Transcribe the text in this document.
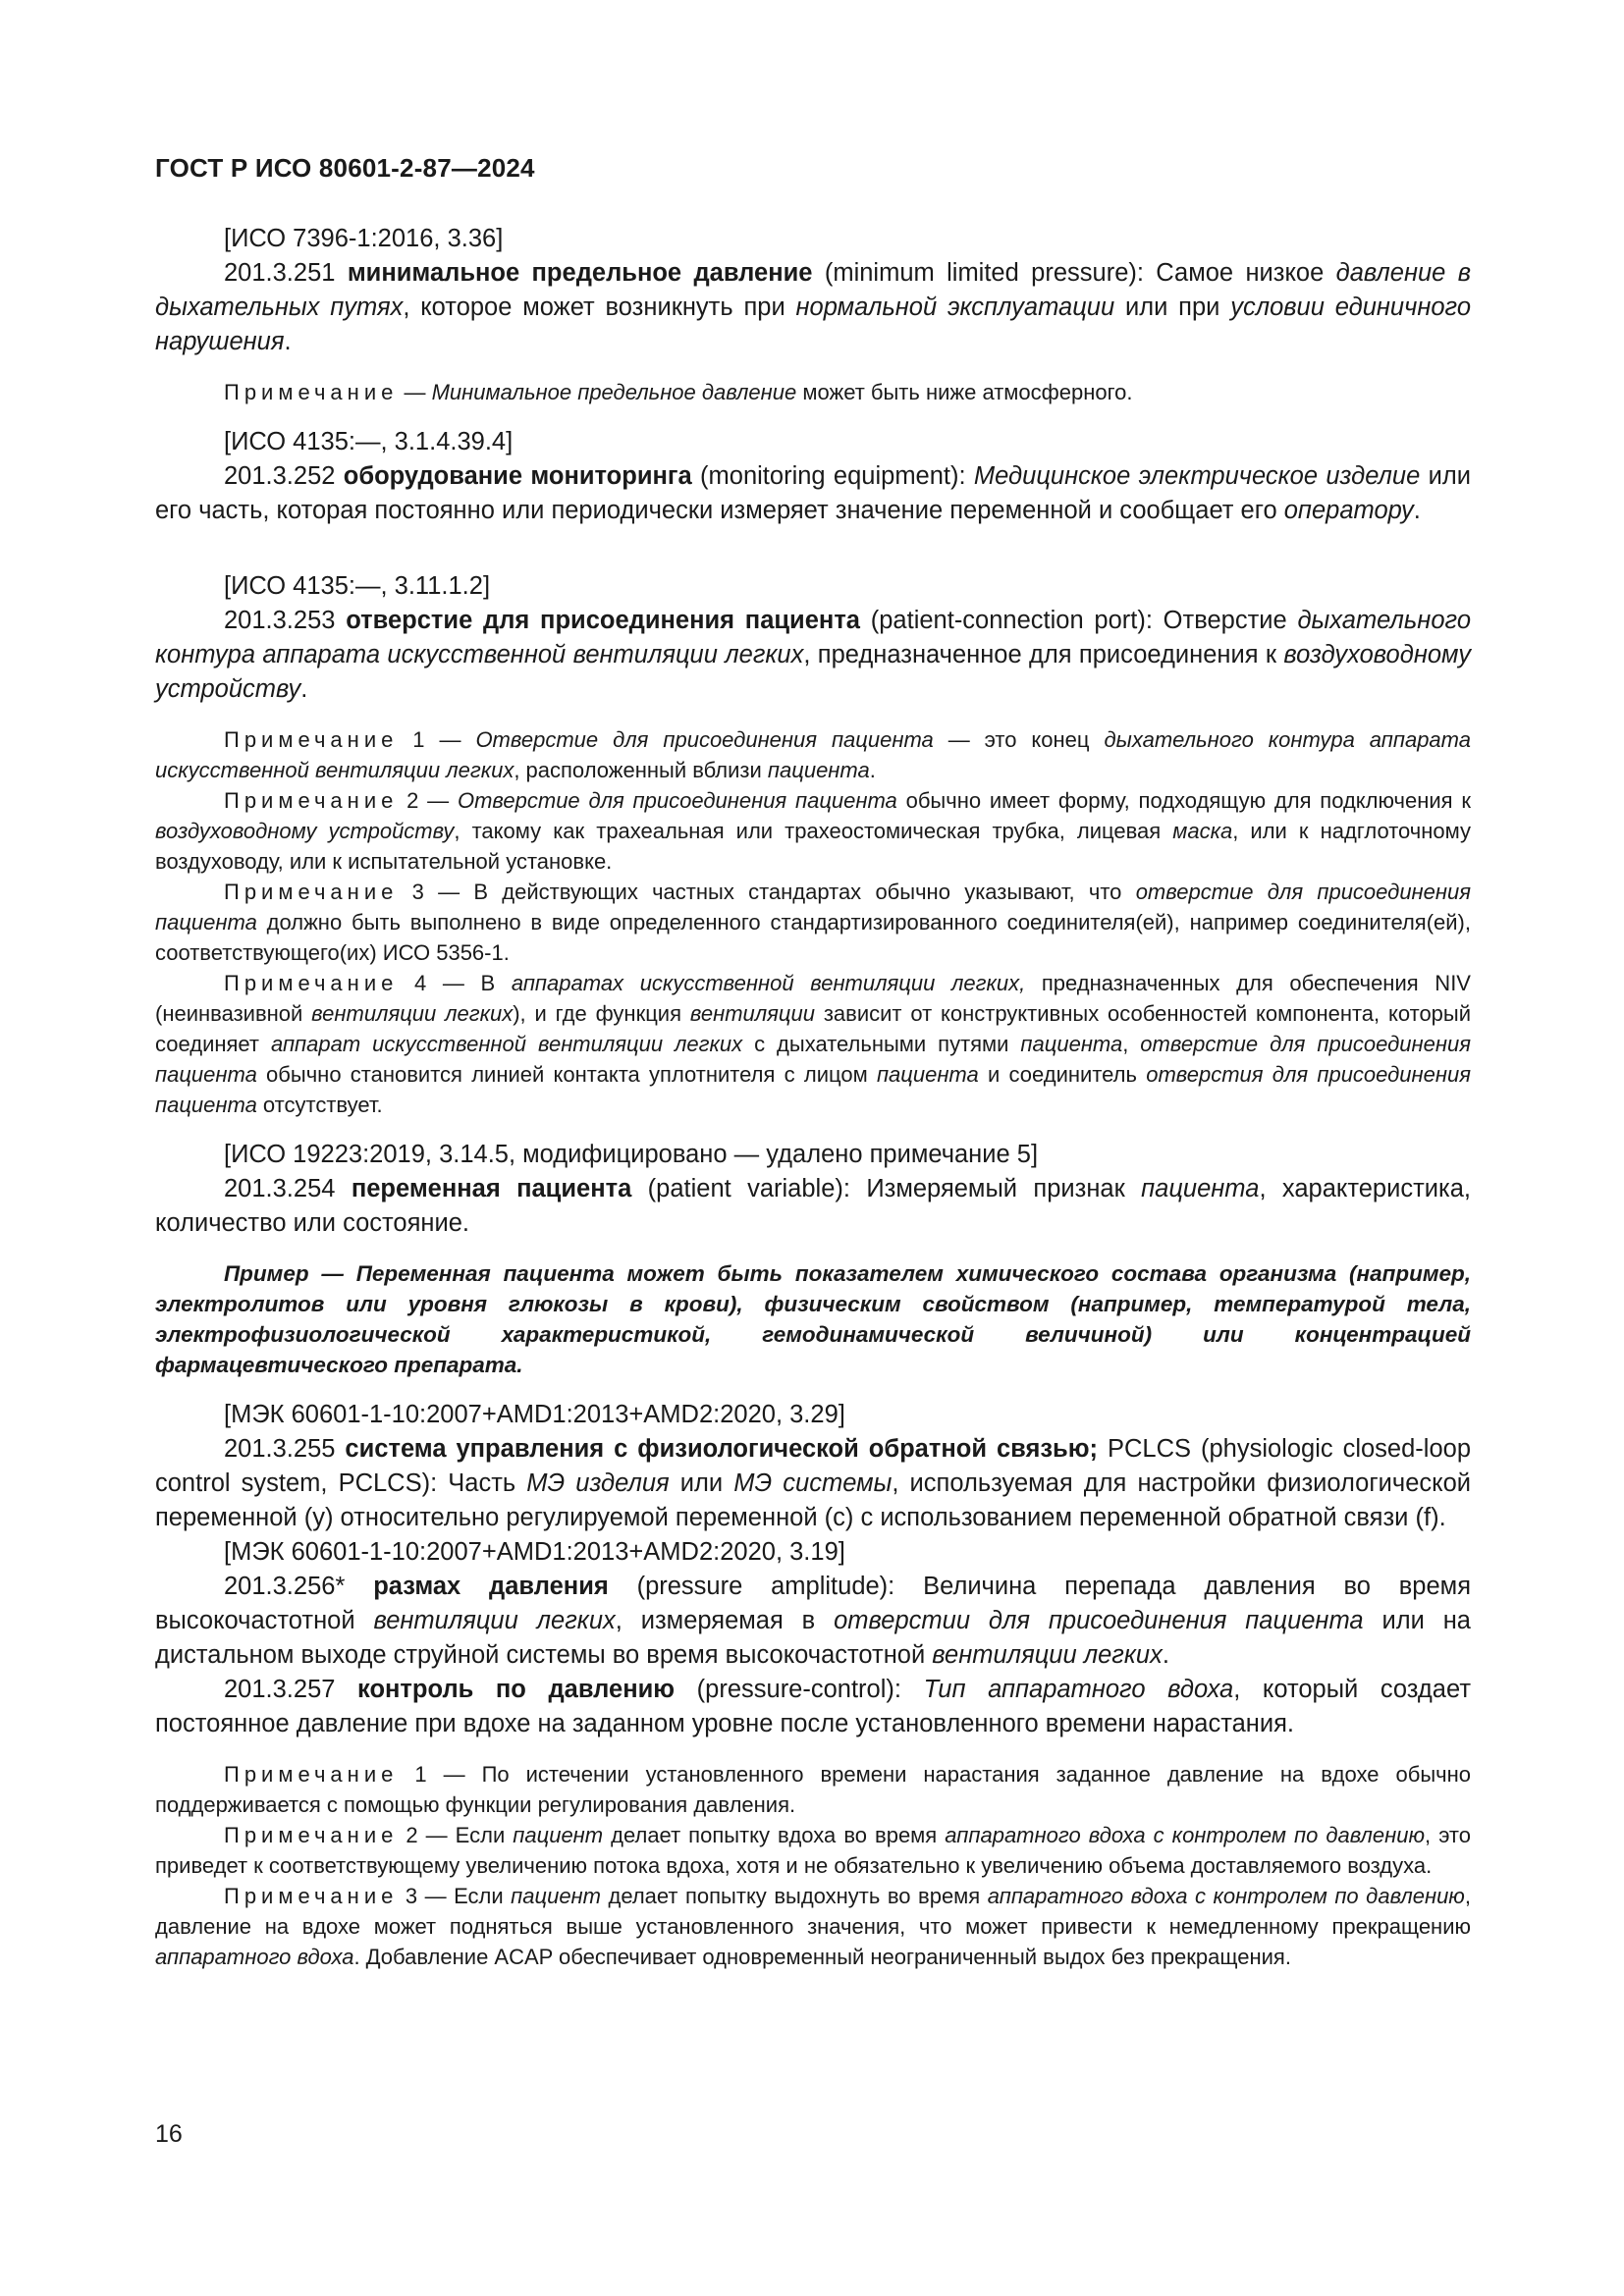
ГОСТ Р ИСО 80601-2-87—2024

[ИСО 7396-1:2016, 3.36]

201.3.251 минимальное предельное давление (minimum limited pressure): Самое низкое давление в дыхательных путях, которое может возникнуть при нормальной эксплуатации или при условии единичного нарушения.

Примечание — Минимальное предельное давление может быть ниже атмосферного.

[ИСО 4135:—, 3.1.4.39.4]

201.3.252 оборудование мониторинга (monitoring equipment): Медицинское электрическое изделие или его часть, которая постоянно или периодически измеряет значение переменной и сообщает его оператору.

[ИСО 4135:—, 3.11.1.2]

201.3.253 отверстие для присоединения пациента (patient-connection port): Отверстие дыхательного контура аппарата искусственной вентиляции легких, предназначенное для присоединения к воздуховодному устройству.

Примечание 1 — Отверстие для присоединения пациента — это конец дыхательного контура аппарата искусственной вентиляции легких, расположенный вблизи пациента.

Примечание 2 — Отверстие для присоединения пациента обычно имеет форму, подходящую для подключения к воздуховодному устройству, такому как трахеальная или трахеостомическая трубка, лицевая маска, или к надглоточному воздуховоду, или к испытательной установке.

Примечание 3 — В действующих частных стандартах обычно указывают, что отверстие для присоединения пациента должно быть выполнено в виде определенного стандартизированного соединителя(ей), например соединителя(ей), соответствующего(их) ИСО 5356-1.

Примечание 4 — В аппаратах искусственной вентиляции легких, предназначенных для обеспечения NIV (неинвазивной вентиляции легких), и где функция вентиляции зависит от конструктивных особенностей компонента, который соединяет аппарат искусственной вентиляции легких с дыхательными путями пациента, отверстие для присоединения пациента обычно становится линией контакта уплотнителя с лицом пациента и соединитель отверстия для присоединения пациента отсутствует.

[ИСО 19223:2019, 3.14.5, модифицировано — удалено примечание 5]

201.3.254 переменная пациента (patient variable): Измеряемый признак пациента, характеристика, количество или состояние.

Пример — Переменная пациента может быть показателем химического состава организма (например, электролитов или уровня глюкозы в крови), физическим свойством (например, температурой тела, электрофизиологической характеристикой, гемодинамической величиной) или концентрацией фармацевтического препарата.

[МЭК 60601-1-10:2007+AMD1:2013+AMD2:2020, 3.29]

201.3.255 система управления с физиологической обратной связью; PCLCS (physiologic closed-loop control system, PCLCS): Часть МЭ изделия или МЭ системы, используемая для настройки физиологической переменной (y) относительно регулируемой переменной (c) с использованием переменной обратной связи (f).

[МЭК 60601-1-10:2007+AMD1:2013+AMD2:2020, 3.19]

201.3.256* размах давления (pressure amplitude): Величина перепада давления во время высокочастотной вентиляции легких, измеряемая в отверстии для присоединения пациента или на дистальном выходе струйной системы во время высокочастотной вентиляции легких.

201.3.257 контроль по давлению (pressure-control): Тип аппаратного вдоха, который создает постоянное давление при вдохе на заданном уровне после установленного времени нарастания.

Примечание 1 — По истечении установленного времени нарастания заданное давление на вдохе обычно поддерживается с помощью функции регулирования давления.

Примечание 2 — Если пациент делает попытку вдоха во время аппаратного вдоха с контролем по давлению, это приведет к соответствующему увеличению потока вдоха, хотя и не обязательно к увеличению объема доставляемого воздуха.

Примечание 3 — Если пациент делает попытку выдохнуть во время аппаратного вдоха с контролем по давлению, давление на вдохе может подняться выше установленного значения, что может привести к немедленному прекращению аппаратного вдоха. Добавление ACAP обеспечивает одновременный неограниченный выдох без прекращения.

16
